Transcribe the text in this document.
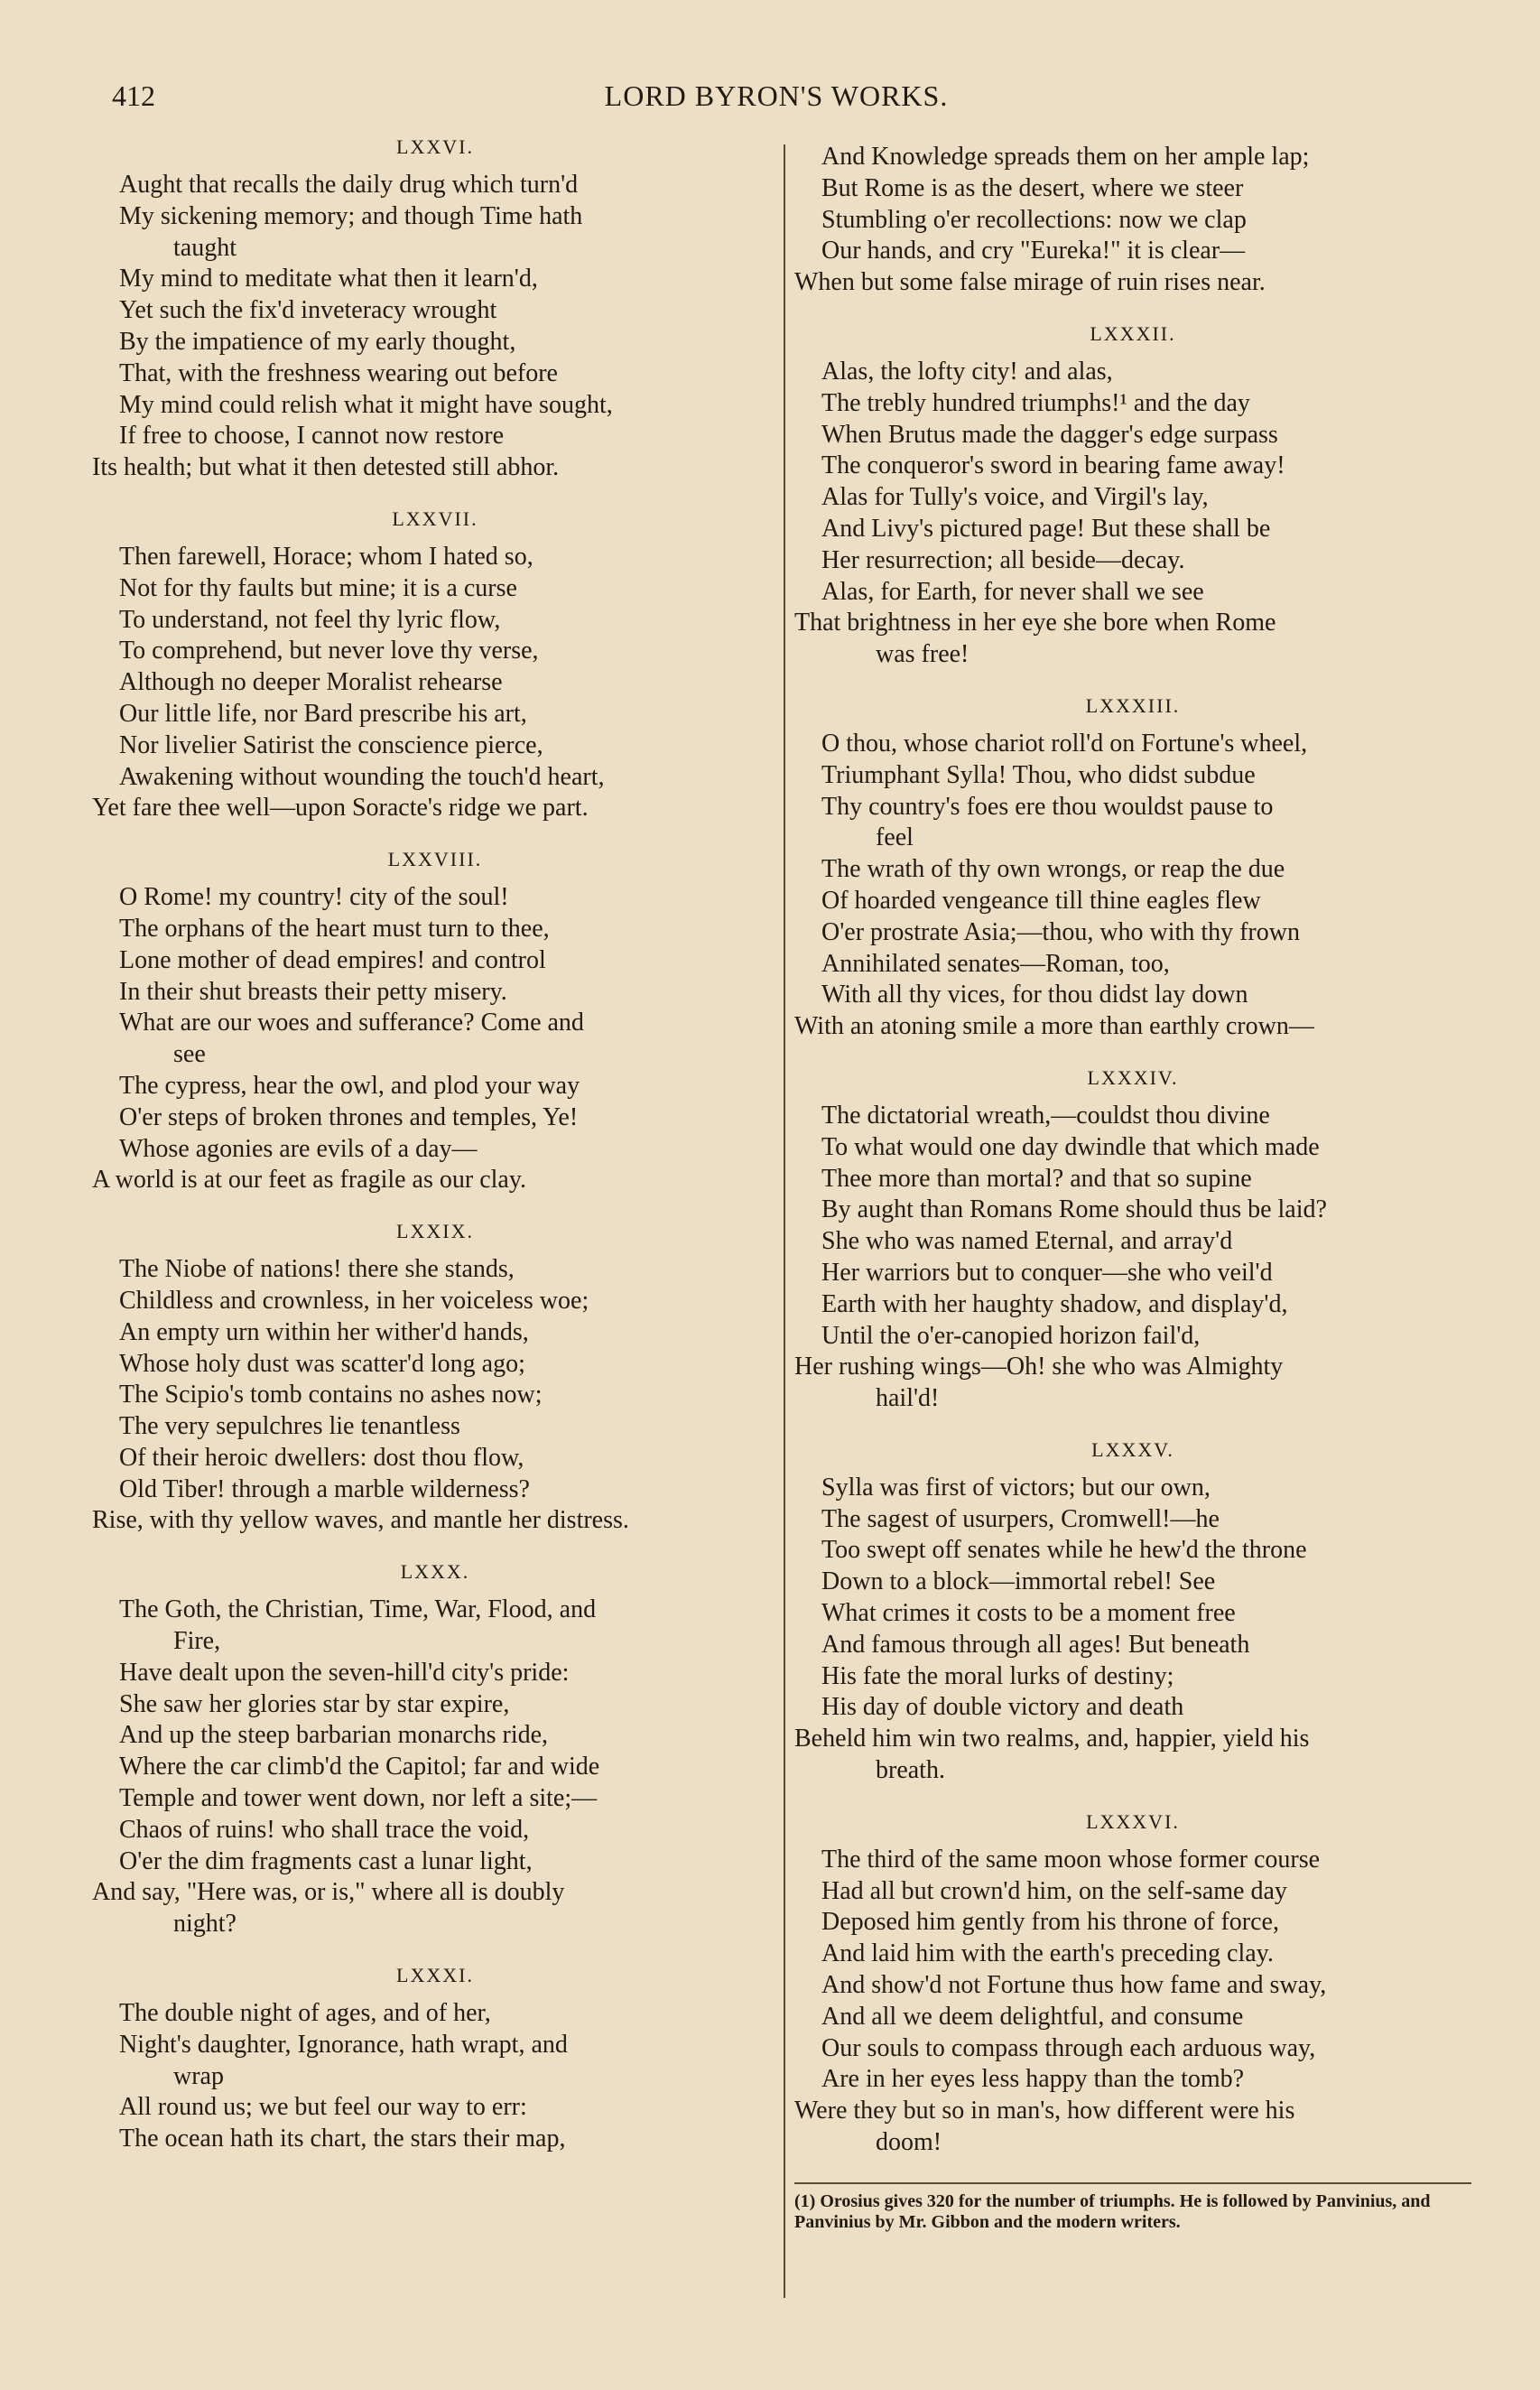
412	LORD BYRON'S WORKS.
LXXVI.
Aught that recalls the daily drug which turn'd
My sickening memory; and though Time hath
taught
My mind to meditate what then it learn'd,
Yet such the fix'd inveteracy wrought
By the impatience of my early thought,
That, with the freshness wearing out before
My mind could relish what it might have sought,
If free to choose, I cannot now restore
Its health; but what it then detested still abhor.
LXXVII.
Then farewell, Horace; whom I hated so,
Not for thy faults but mine; it is a curse
To understand, not feel thy lyric flow,
To comprehend, but never love thy verse,
Although no deeper Moralist rehearse
Our little life, nor Bard prescribe his art,
Nor livelier Satirist the conscience pierce,
Awakening without wounding the touch'd heart,
Yet fare thee well—upon Soracte's ridge we part.
LXXVIII.
O Rome! my country! city of the soul!
The orphans of the heart must turn to thee,
Lone mother of dead empires! and control
In their shut breasts their petty misery.
What are our woes and sufferance? Come and
see
The cypress, hear the owl, and plod your way
O'er steps of broken thrones and temples, Ye!
Whose agonies are evils of a day—
A world is at our feet as fragile as our clay.
LXXIX.
The Niobe of nations! there she stands,
Childless and crownless, in her voiceless woe;
An empty urn within her wither'd hands,
Whose holy dust was scatter'd long ago;
The Scipio's tomb contains no ashes now;
The very sepulchres lie tenantless
Of their heroic dwellers: dost thou flow,
Old Tiber! through a marble wilderness?
Rise, with thy yellow waves, and mantle her distress.
LXXX.
The Goth, the Christian, Time, War, Flood, and
Fire,
Have dealt upon the seven-hill'd city's pride:
She saw her glories star by star expire,
And up the steep barbarian monarchs ride,
Where the car climb'd the Capitol; far and wide
Temple and tower went down, nor left a site;—
Chaos of ruins! who shall trace the void,
O'er the dim fragments cast a lunar light,
And say, "Here was, or is," where all is doubly
night?
LXXXI.
The double night of ages, and of her,
Night's daughter, Ignorance, hath wrapt, and
wrap
All round us; we but feel our way to err:
The ocean hath its chart, the stars their map,
And Knowledge spreads them on her ample lap;
But Rome is as the desert, where we steer
Stumbling o'er recollections: now we clap
Our hands, and cry "Eureka!" it is clear—
When but some false mirage of ruin rises near.
LXXXII.
Alas, the lofty city! and alas,
The trebly hundred triumphs!¹ and the day
When Brutus made the dagger's edge surpass
The conqueror's sword in bearing fame away!
Alas for Tully's voice, and Virgil's lay,
And Livy's pictured page! But these shall be
Her resurrection; all beside—decay.
Alas, for Earth, for never shall we see
That brightness in her eye she bore when Rome
was free!
LXXXIII.
O thou, whose chariot roll'd on Fortune's wheel,
Triumphant Sylla! Thou, who didst subdue
Thy country's foes ere thou wouldst pause to
feel
The wrath of thy own wrongs, or reap the due
Of hoarded vengeance till thine eagles flew
O'er prostrate Asia;—thou, who with thy frown
Annihilated senates—Roman, too,
With all thy vices, for thou didst lay down
With an atoning smile a more than earthly crown—
LXXXIV.
The dictatorial wreath,—couldst thou divine
To what would one day dwindle that which made
Thee more than mortal? and that so supine
By aught than Romans Rome should thus be laid?
She who was named Eternal, and array'd
Her warriors but to conquer—she who veil'd
Earth with her haughty shadow, and display'd,
Until the o'er-canopied horizon fail'd,
Her rushing wings—Oh! she who was Almighty
hail'd!
LXXXV.
Sylla was first of victors; but our own,
The sagest of usurpers, Cromwell!—he
Too swept off senates while he hew'd the throne
Down to a block—immortal rebel! See
What crimes it costs to be a moment free
And famous through all ages! But beneath
His fate the moral lurks of destiny;
His day of double victory and death
Beheld him win two realms, and, happier, yield his
breath.
LXXXVI.
The third of the same moon whose former course
Had all but crown'd him, on the self-same day
Deposed him gently from his throne of force,
And laid him with the earth's preceding clay.
And show'd not Fortune thus how fame and sway,
And all we deem delightful, and consume
Our souls to compass through each arduous way,
Are in her eyes less happy than the tomb?
Were they but so in man's, how different were his
doom!
(1) Orosius gives 320 for the number of triumphs. He is followed by Panvinius, and Panvinius by Mr. Gibbon and the modern writers.
